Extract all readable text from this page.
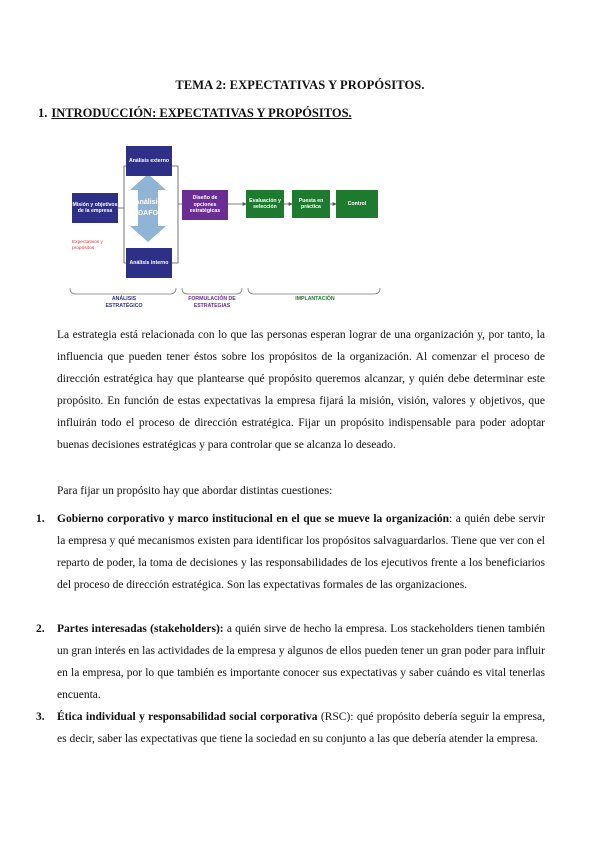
TEMA 2: EXPECTATIVAS Y PROPÓSITOS.
1. INTRODUCCIÓN: EXPECTATIVAS Y PROPÓSITOS.
Misión y objetivos de la empresa
Análisis externo
Análisis interno
Diseño de opciones estratégicas
Evaluación y selección
Puesta en práctica
Control
Análisis
DAFO
Expectativos y propósitos
ANÁLISIS ESTRATÉGICO
FORMULACIÓN DE ESTRATEGIAS
IMPLANTACIÓN

La estrategia está relacionada con lo que las personas esperan lograr de una organización y, por tanto, la influencia que pueden tener éstos sobre los propósitos de la organización. Al comenzar el proceso de dirección estratégica hay que plantearse qué propósito queremos alcanzar, y quién debe determinar este propósito. En función de estas expectativas la empresa fijará la misión, visión, valores y objetivos, que influirán todo el proceso de dirección estratégica. Fijar un propósito indispensable para poder adoptar buenas decisiones estratégicas y para controlar que se alcanza lo deseado.

Para fijar un propósito hay que abordar distintas cuestiones:

1. Gobierno corporativo y marco institucional en el que se mueve la organización: a quién debe servir la empresa y qué mecanismos existen para identificar los propósitos salvaguardarlos. Tiene que ver con el reparto de poder, la toma de decisiones y las responsabilidades de los ejecutivos frente a los beneficiarios del proceso de dirección estratégica. Son las expectativas formales de las organizaciones.
2. Partes interesadas (stakeholders): a quién sirve de hecho la empresa. Los stackeholders tienen también un gran interés en las actividades de la empresa y algunos de ellos pueden tener un gran poder para influir en la empresa, por lo que también es importante conocer sus expectativas y saber cuándo es vital tenerlas encuenta.
3. Ética individual y responsabilidad social corporativa (RSC): qué propósito debería seguir la empresa, es decir, saber las expectativas que tiene la sociedad en su conjunto a las que debería atender la empresa.
